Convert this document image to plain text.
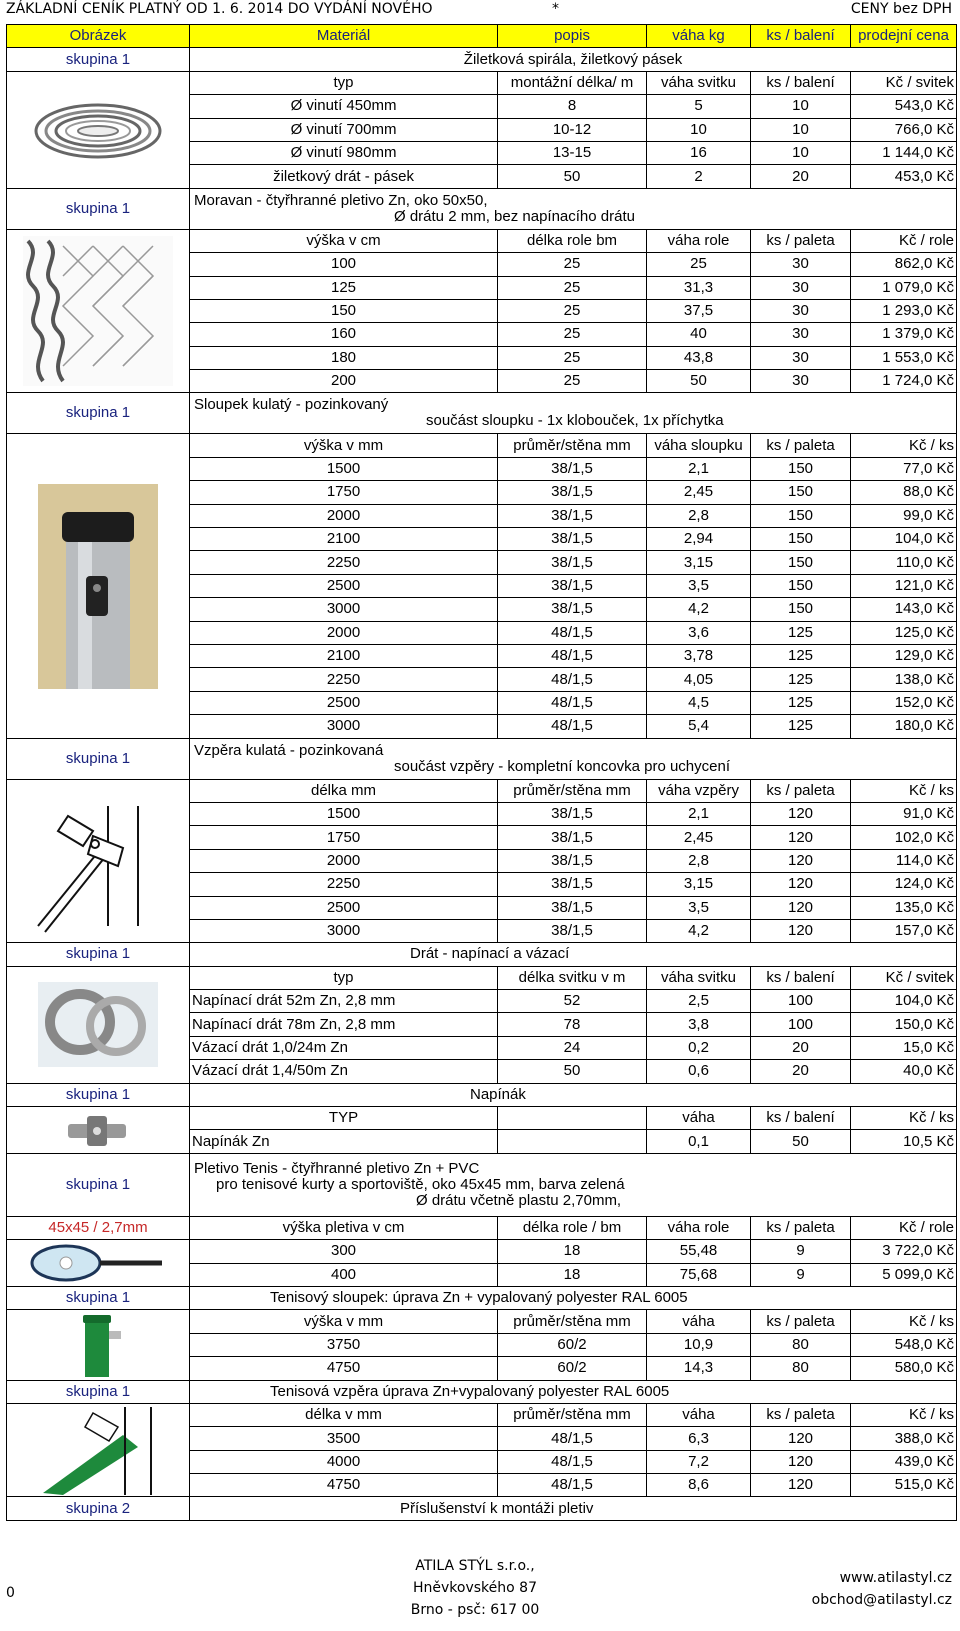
ZÁKLADNÍ CENÍK PLATNÝ OD 1. 6. 2014 DO VYDÁNÍ NOVÉHO	*	CENY bez DPH
Obrázek	Materiál	popis	váha kg	ks / balení	prodejní cena
skupina 1	Žiletková spirála, žiletkový pásek				

	typ	montážní délka/ m	váha svitku	ks / balení	Kč / svitek
	Ø vinutí 450mm	8	5	10	543,0 Kč
	Ø vinutí 700mm	10-12	10	10	766,0 Kč
	Ø vinutí 980mm	13-15	16	10	1 144,0 Kč
	žiletkový drát - pásek	50	2	20	453,0 Kč
skupina 1	Moravan - čtyřhranné pletivo Zn, oko 50x50,
Ø drátu 2 mm, bez napínacího drátu				

	výška v cm	délka role bm	váha role	ks / paleta	Kč / role
	100	25	25	30	862,0 Kč
	125	25	31,3	30	1 079,0 Kč
	150	25	37,5	30	1 293,0 Kč
	160	25	40	30	1 379,0 Kč
	180	25	43,8	30	1 553,0 Kč
	200	25	50	30	1 724,0 Kč
skupina 1	Sloupek kulatý - pozinkovaný
součást sloupku - 1x klobouček, 1x příchytka				

	výška v mm	průměr/stěna mm	váha sloupku	ks / paleta	Kč / ks
	1500	38/1,5	2,1	150	77,0 Kč
	1750	38/1,5	2,45	150	88,0 Kč
	2000	38/1,5	2,8	150	99,0 Kč
	2100	38/1,5	2,94	150	104,0 Kč
	2250	38/1,5	3,15	150	110,0 Kč
	2500	38/1,5	3,5	150	121,0 Kč
	3000	38/1,5	4,2	150	143,0 Kč
	2000	48/1,5	3,6	125	125,0 Kč
	2100	48/1,5	3,78	125	129,0 Kč
	2250	48/1,5	4,05	125	138,0 Kč
	2500	48/1,5	4,5	125	152,0 Kč
	3000	48/1,5	5,4	125	180,0 Kč
skupina 1	Vzpěra kulatá - pozinkovaná
součást vzpěry - kompletní koncovka pro uchycení				

	délka mm	průměr/stěna mm	váha vzpěry	ks / paleta	Kč / ks
	1500	38/1,5	2,1	120	91,0 Kč
	1750	38/1,5	2,45	120	102,0 Kč
	2000	38/1,5	2,8	120	114,0 Kč
	2250	38/1,5	3,15	120	124,0 Kč
	2500	38/1,5	3,5	120	135,0 Kč
	3000	38/1,5	4,2	120	157,0 Kč
skupina 1	Drát - napínací a vázací				

	typ	délka svitku v m	váha svitku	ks / balení	Kč / svitek
	Napínací drát 52m Zn, 2,8 mm	52	2,5	100	104,0 Kč
	Napínací drát 78m Zn, 2,8 mm	78	3,8	100	150,0 Kč
	Vázací drát 1,0/24m Zn	24	0,2	20	15,0 Kč
	Vázací drát 1,4/50m Zn	50	0,6	20	40,0 Kč
skupina 1	Napínák				

	TYP		váha	ks / balení	Kč / ks
	Napínák Zn		0,1	50	10,5 Kč
skupina 1	Pletivo Tenis - čtyřhranné pletivo Zn + PVC
pro tenisové kurty a sportoviště, oko 45x45 mm, barva zelená
Ø drátu včetně plastu 2,70mm,				

45x45 / 2,7mm	výška pletiva v cm	délka role / bm	váha role	ks / paleta	Kč / role

	300	18	55,48	9	3 722,0 Kč
	400	18	75,68	9	5 099,0 Kč
skupina 1	Tenisový sloupek: úprava Zn + vypalovaný polyester RAL 6005				

	výška v mm	průměr/stěna mm	váha	ks / paleta	Kč / ks
	3750	60/2	10,9	80	548,0 Kč
	4750	60/2	14,3	80	580,0 Kč
skupina 1	Tenisová vzpěra úprava Zn+vypalovaný polyester RAL 6005				

	délka v mm	průměr/stěna mm	váha	ks / paleta	Kč / ks
	3500	48/1,5	6,3	120	388,0 Kč
	4000	48/1,5	7,2	120	439,0 Kč
	4750	48/1,5	8,6	120	515,0 Kč
skupina 2	Příslušenství k montáži pletiv				
0
ATILA STÝL s.r.o.,
Hněvkovského 87
Brno - psč: 617 00
www.atilastyl.cz
obchod@atilastyl.cz
